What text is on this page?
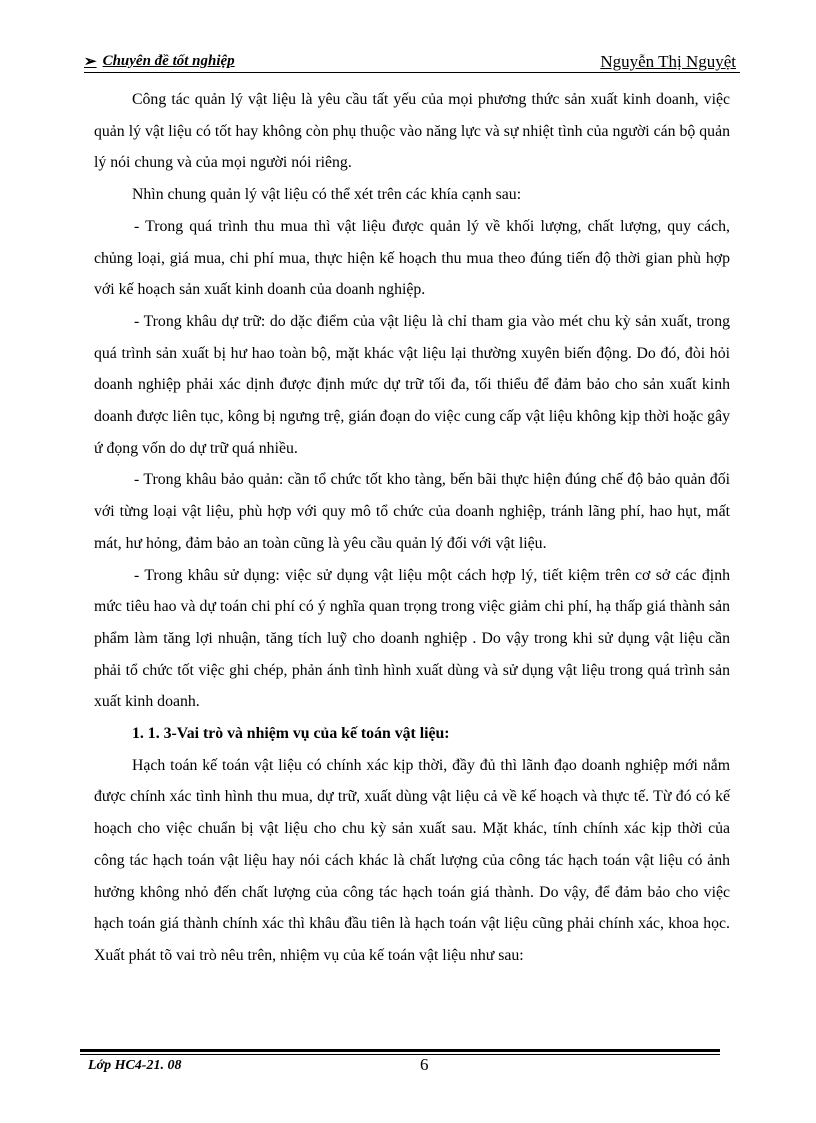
➢ Chuyên đề tốt nghiệp	Nguyễn Thị Nguyệt

Công tác quản lý vật liệu là yêu cầu tất yếu của mọi phương thức sản xuất kinh doanh, việc quản lý vật liệu có tốt hay không còn phụ thuộc vào năng lực và sự nhiệt tình của người cán bộ quản lý nói chung và của mọi người nói riêng.

Nhìn chung quản lý vật liệu có thể xét trên các khía cạnh sau:

- Trong quá trình thu mua thì vật liệu được quản lý về khối lượng, chất lượng, quy cách, chủng loại, giá mua, chi phí mua, thực hiện kế hoạch thu mua theo đúng tiến độ thời gian phù hợp với kế hoạch sản xuất kinh doanh của doanh nghiệp.

- Trong khâu dự trữ: do dặc điểm của vật liệu là chỉ tham gia vào mét chu kỳ sản xuất, trong quá trình sản xuất bị hư hao toàn bộ, mặt khác vật liệu lại thường xuyên biến động. Do đó, đòi hỏi doanh nghiệp phải xác dịnh được định mức dự trữ tối đa, tối thiểu để đảm bảo cho sản xuất kinh doanh được liên tục, kông bị ngưng trệ, gián đoạn do việc cung cấp vật liệu không kịp thời hoặc gây ứ đọng vốn do dự trữ quá nhiều.

- Trong khâu bảo quản: cần tổ chức tốt kho tàng, bến bãi thực hiện đúng chế độ bảo quản đối với từng loại vật liệu, phù hợp với quy mô tổ chức của doanh nghiệp, tránh lãng phí, hao hụt, mất mát, hư hỏng, đảm bảo an toàn cũng là yêu cầu quản lý đối với vật liệu.

- Trong khâu sử dụng: việc sử dụng vật liệu một cách hợp lý, tiết kiệm trên cơ sở các định mức tiêu hao và dự toán chi phí có ý nghĩa quan trọng trong việc giảm chi phí, hạ thấp giá thành sản phẩm làm tăng lợi nhuận, tăng tích luỹ cho doanh nghiệp . Do vậy trong khi sử dụng vật liệu cần phải tổ chức tốt việc ghi chép, phản ánh tình hình xuất dùng và sử dụng vật liệu trong quá trình sản xuất kinh doanh.

1. 1. 3-Vai trò và nhiệm vụ của kế toán vật liệu:

Hạch toán kế toán vật liệu có chính xác kịp thời, đầy đủ thì lãnh đạo doanh nghiệp mới nắm được chính xác tình hình thu mua, dự trữ, xuất dùng vật liệu cả về kế hoạch và thực tế. Từ đó có kế hoạch cho việc chuẩn bị vật liệu cho chu kỳ sản xuất sau. Mặt khác, tính chính xác kịp thời của công tác hạch toán vật liệu hay nói cách khác là chất lượng của công tác hạch toán vật liệu có ảnh hưởng không nhỏ đến chất lượng của công tác hạch toán giá thành. Do vậy, để đảm bảo cho việc hạch toán giá thành chính xác thì khâu đầu tiên là hạch toán vật liệu cũng phải chính xác, khoa học. Xuất phát tõ vai trò nêu trên, nhiệm vụ của kế toán vật liệu như sau:

Lớp HC4-21. 08	6
